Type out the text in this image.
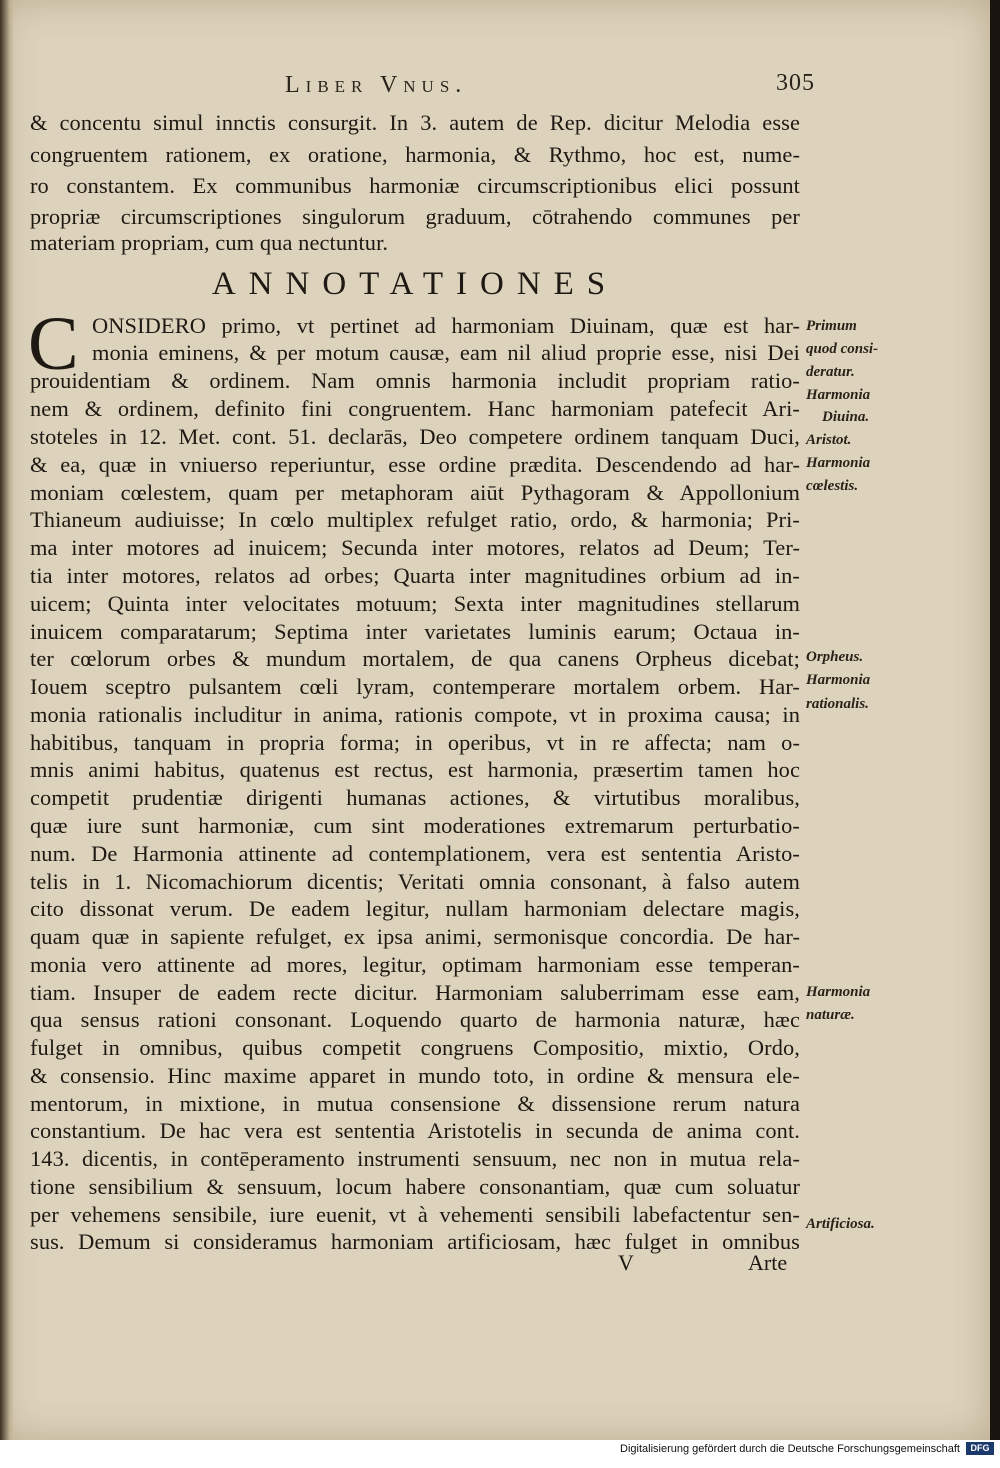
Liber Vnus.	305
& concentu simul innctis consurgit. In 3. autem de Rep. dicitur Melodia esse
congruentem rationem, ex oratione, harmonia, & Rythmo, hoc est, nume-
ro constantem. Ex communibus harmoniæ circumscriptionibus elici possunt
propriæ circumscriptiones singulorum graduum, cōtrahendo communes per
materiam propriam, cum qua nectuntur.
ANNOTATIONES
C ONSIDERO primo, vt pertinet ad harmoniam Diuinam, quæ est har-
monia eminens, & per motum causæ, eam nil aliud proprie esse, nisi Dei
prouidentiam & ordinem. Nam omnis harmonia includit propriam ratio-
nem & ordinem, definito fini congruentem. Hanc harmoniam patefecit Ari-
stoteles in 12. Met. cont. 51. declarās, Deo competere ordinem tanquam Duci,
& ea, quæ in vniuerso reperiuntur, esse ordine prædita. Descendendo ad har-
moniam cœlestem, quam per metaphoram aiūt Pythagoram & Appollonium
Thianeum audiuisse; In cœlo multiplex refulget ratio, ordo, & harmonia; Pri-
ma inter motores ad inuicem; Secunda inter motores, relatos ad Deum; Ter-
tia inter motores, relatos ad orbes; Quarta inter magnitudines orbium ad in-
uicem; Quinta inter velocitates motuum; Sexta inter magnitudines stellarum
inuicem comparatarum; Septima inter varietates luminis earum; Octaua in-
ter cœlorum orbes & mundum mortalem, de qua canens Orpheus dicebat;
Iouem sceptro pulsantem cœli lyram, contemperare mortalem orbem. Har-
monia rationalis includitur in anima, rationis compote, vt in proxima causa; in
habitibus, tanquam in propria forma; in operibus, vt in re affecta; nam o-
mnis animi habitus, quatenus est rectus, est harmonia, præsertim tamen hoc
competit prudentiæ dirigenti humanas actiones, & virtutibus moralibus,
quæ iure sunt harmoniæ, cum sint moderationes extremarum perturbatio-
num. De Harmonia attinente ad contemplationem, vera est sententia Aristo-
telis in 1. Nicomachiorum dicentis; Veritati omnia consonant, à falso autem
cito dissonat verum. De eadem legitur, nullam harmoniam delectare magis,
quam quæ in sapiente refulget, ex ipsa animi, sermonisque concordia. De har-
monia vero attinente ad mores, legitur, optimam harmoniam esse temperan-
tiam. Insuper de eadem recte dicitur. Harmoniam saluberrimam esse eam,
qua sensus rationi consonant. Loquendo quarto de harmonia naturæ, hæc
fulget in omnibus, quibus competit congruens Compositio, mixtio, Ordo,
& consensio. Hinc maxime apparet in mundo toto, in ordine & mensura ele-
mentorum, in mixtione, in mutua consensione & dissensione rerum natura
constantium. De hac vera est sententia Aristotelis in secunda de anima cont.
143. dicentis, in contēperamento instrumenti sensuum, nec non in mutua rela-
tione sensibilium & sensuum, locum habere consonantiam, quæ cum soluatur
per vehemens sensibile, iure euenit, vt à vehementi sensibili labefactentur sen-
sus. Demum si consideramus harmoniam artificiosam, hæc fulget in omnibus
V	Arte
Primum
quod consi-
deratur.
Harmonia
Diuina.
Aristot.
Harmonia
cœlestis.
Orpheus.
Harmonia
rationalis.
Harmonia
naturæ.
Artificiosa.
Digitalisierung gefördert durch die Deutsche Forschungsgemeinschaft	DFG
